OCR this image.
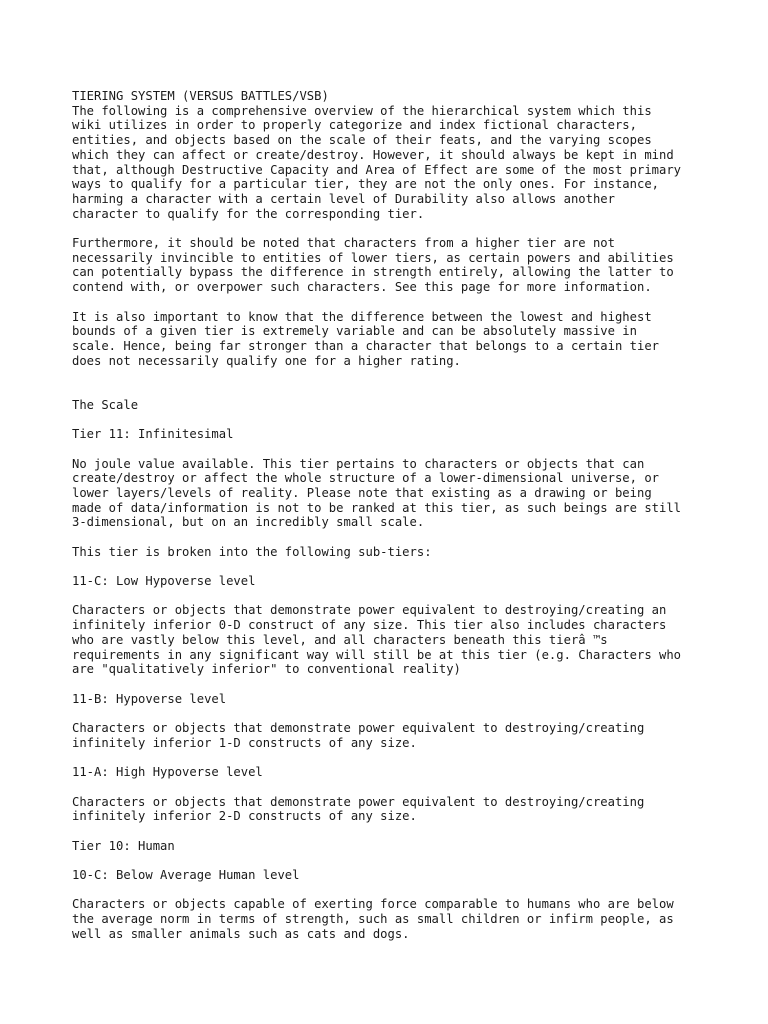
TIERING SYSTEM (VERSUS BATTLES/VSB)

The following is a comprehensive overview of the hierarchical system which this
wiki utilizes in order to properly categorize and index fictional characters,
entities, and objects based on the scale of their feats, and the varying scopes
which they can affect or create/destroy. However, it should always be kept in mind
that, although Destructive Capacity and Area of Effect are some of the most primary
ways to qualify for a particular tier, they are not the only ones. For instance,
harming a character with a certain level of Durability also allows another
character to qualify for the corresponding tier.

Furthermore, it should be noted that characters from a higher tier are not
necessarily invincible to entities of lower tiers, as certain powers and abilities
can potentially bypass the difference in strength entirely, allowing the latter to
contend with, or overpower such characters. See this page for more information.

It is also important to know that the difference between the lowest and highest
bounds of a given tier is extremely variable and can be absolutely massive in
scale. Hence, being far stronger than a character that belongs to a certain tier
does not necessarily qualify one for a higher rating.

The Scale

Tier 11: Infinitesimal

No joule value available. This tier pertains to characters or objects that can
create/destroy or affect the whole structure of a lower-dimensional universe, or
lower layers/levels of reality. Please note that existing as a drawing or being
made of data/information is not to be ranked at this tier, as such beings are still
3-dimensional, but on an incredibly small scale.

This tier is broken into the following sub-tiers:

11-C: Low Hypoverse level

Characters or objects that demonstrate power equivalent to destroying/creating an
infinitely inferior 0-D construct of any size. This tier also includes characters
who are vastly below this level, and all characters beneath this tierâ ™s
requirements in any significant way will still be at this tier (e.g. Characters who
are "qualitatively inferior" to conventional reality)

11-B: Hypoverse level

Characters or objects that demonstrate power equivalent to destroying/creating
infinitely inferior 1-D constructs of any size.

11-A: High Hypoverse level

Characters or objects that demonstrate power equivalent to destroying/creating
infinitely inferior 2-D constructs of any size.

Tier 10: Human

10-C: Below Average Human level

Characters or objects capable of exerting force comparable to humans who are below
the average norm in terms of strength, such as small children or infirm people, as
well as smaller animals such as cats and dogs.
